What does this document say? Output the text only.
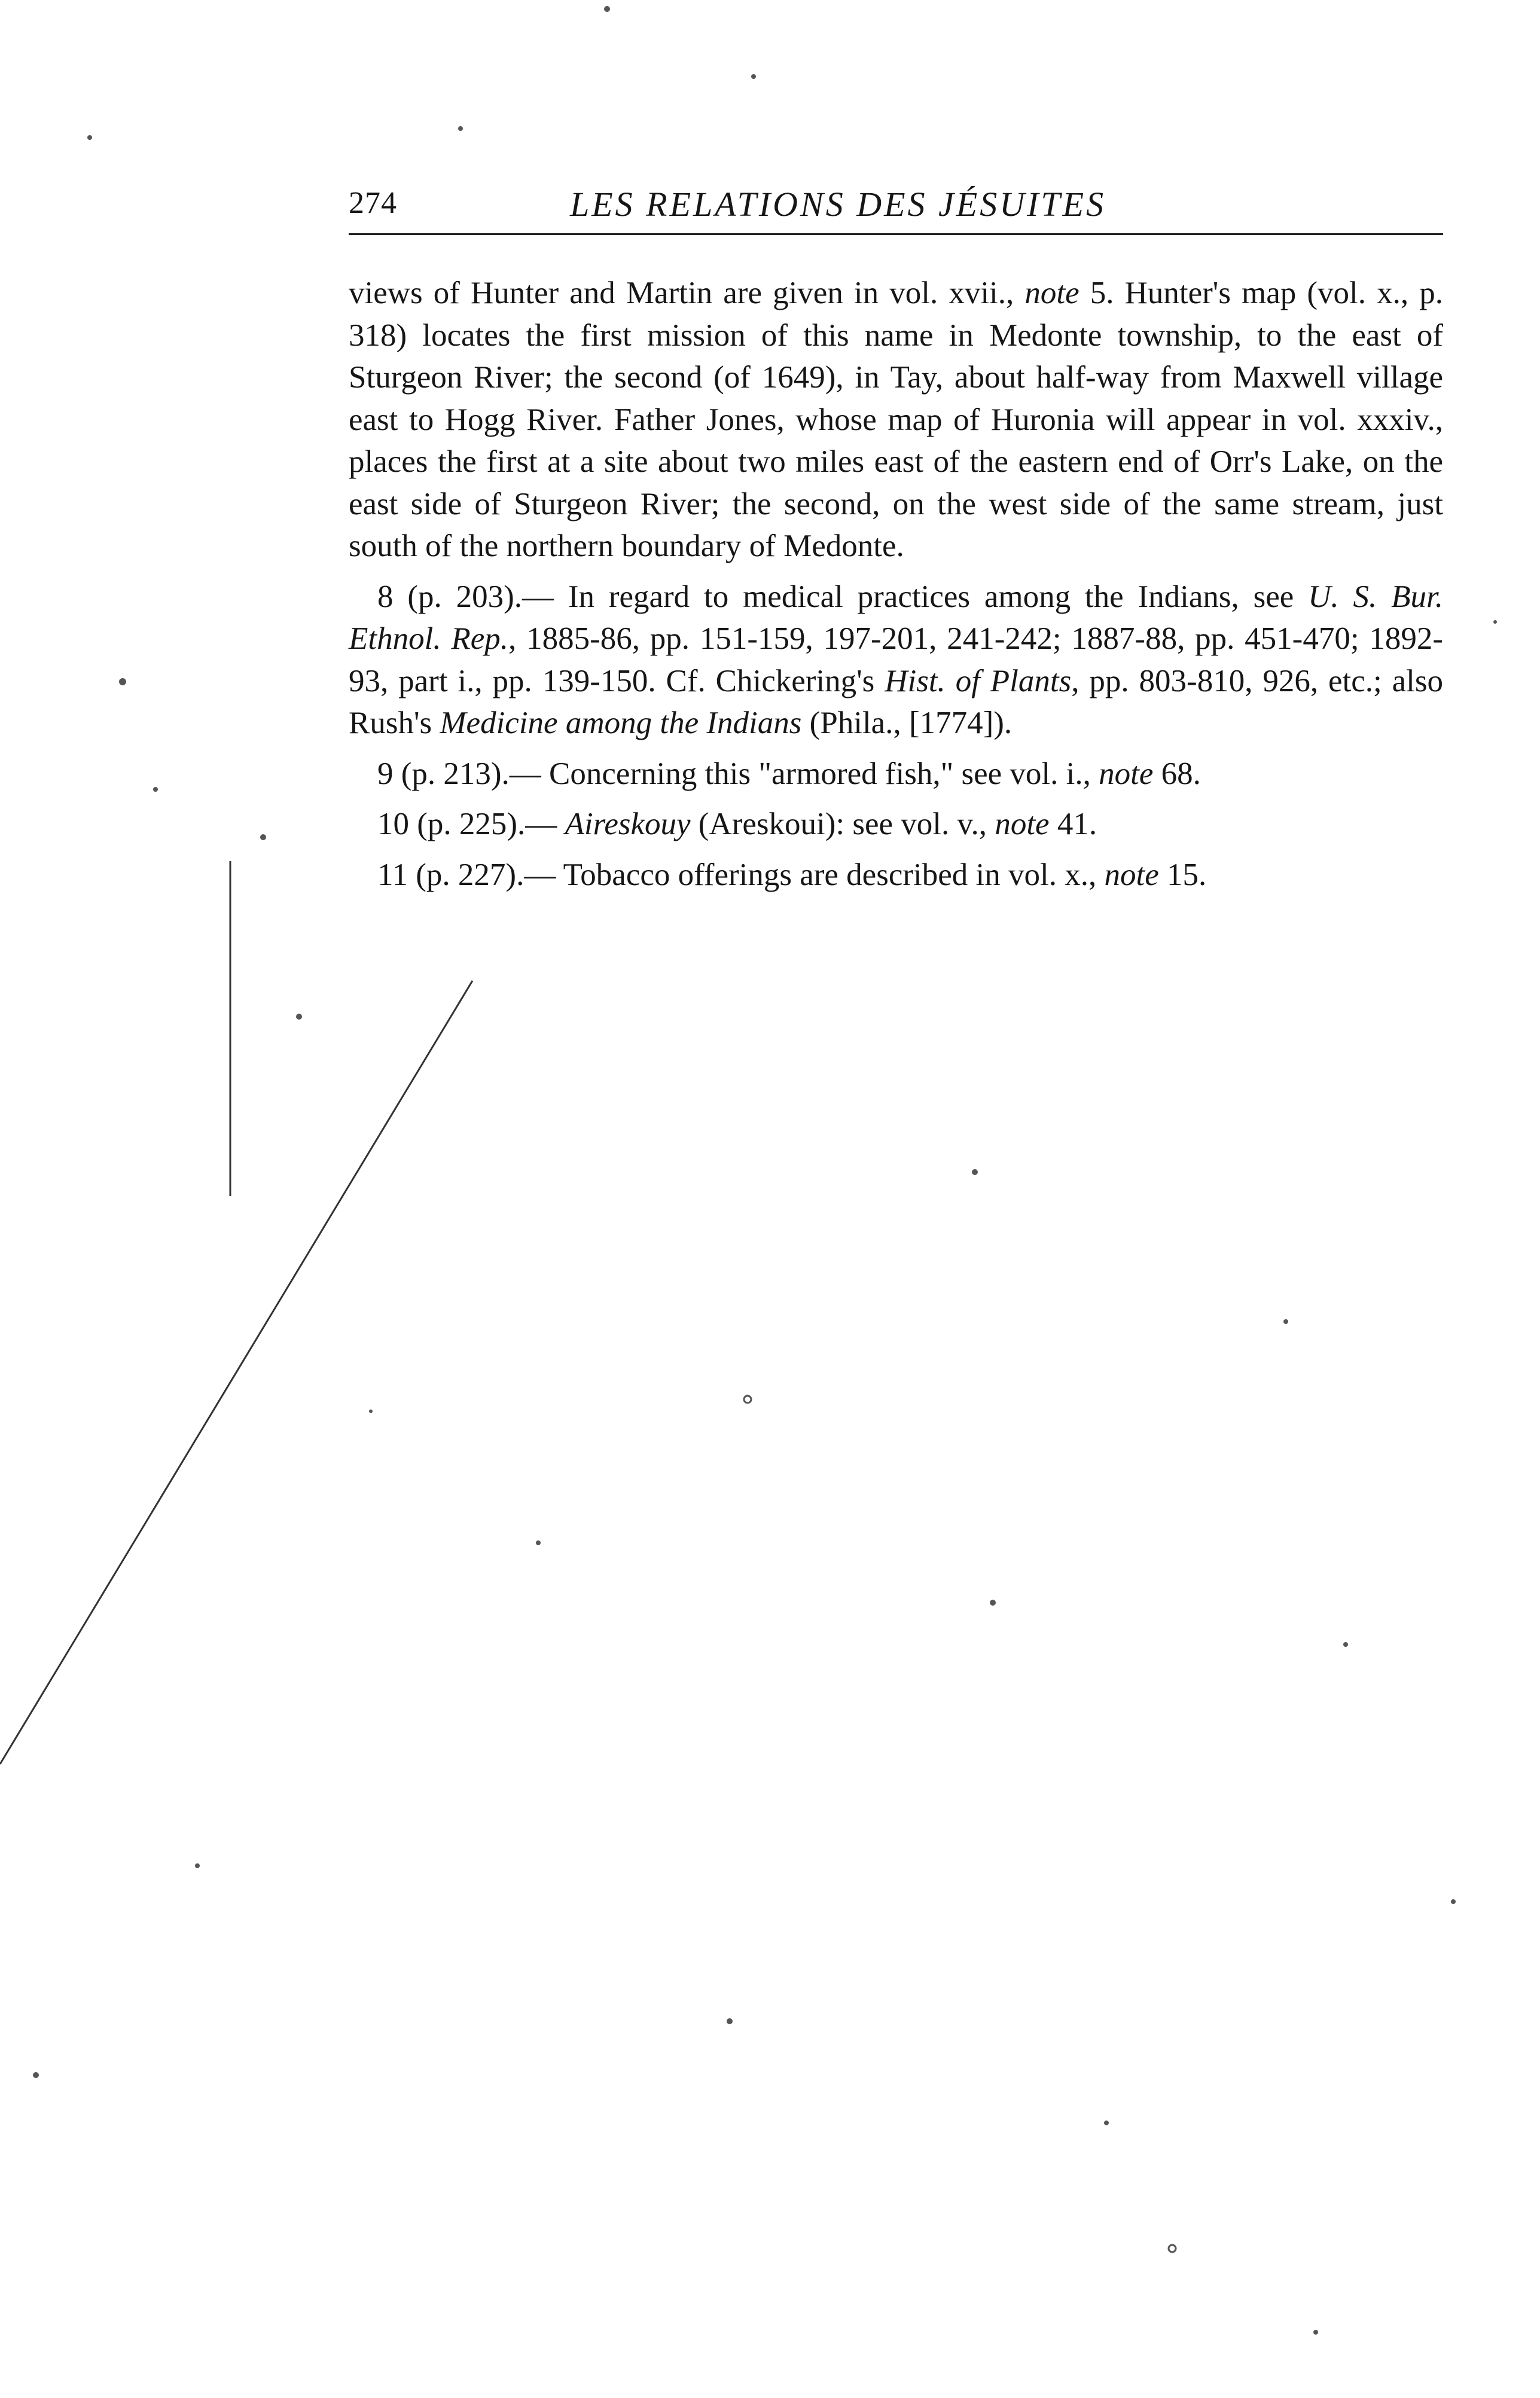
274	LES RELATIONS DES JÉSUITES

views of Hunter and Martin are given in vol. xvii., note 5. Hunter's map (vol. x., p. 318) locates the first mission of this name in Medonte township, to the east of Sturgeon River; the second (of 1649), in Tay, about half-way from Maxwell village east to Hogg River. Father Jones, whose map of Huronia will appear in vol. xxxiv., places the first at a site about two miles east of the eastern end of Orr's Lake, on the east side of Sturgeon River; the second, on the west side of the same stream, just south of the northern boundary of Medonte.

8 (p. 203).— In regard to medical practices among the Indians, see U. S. Bur. Ethnol. Rep., 1885-86, pp. 151-159, 197-201, 241-242; 1887-88, pp. 451-470; 1892-93, part i., pp. 139-150. Cf. Chickering's Hist. of Plants, pp. 803-810, 926, etc.; also Rush's Medicine among the Indians (Phila., [1774]).

9 (p. 213).— Concerning this "armored fish," see vol. i., note 68.

10 (p. 225).— Aireskouy (Areskoui): see vol. v., note 41.

11 (p. 227).— Tobacco offerings are described in vol. x., note 15.
